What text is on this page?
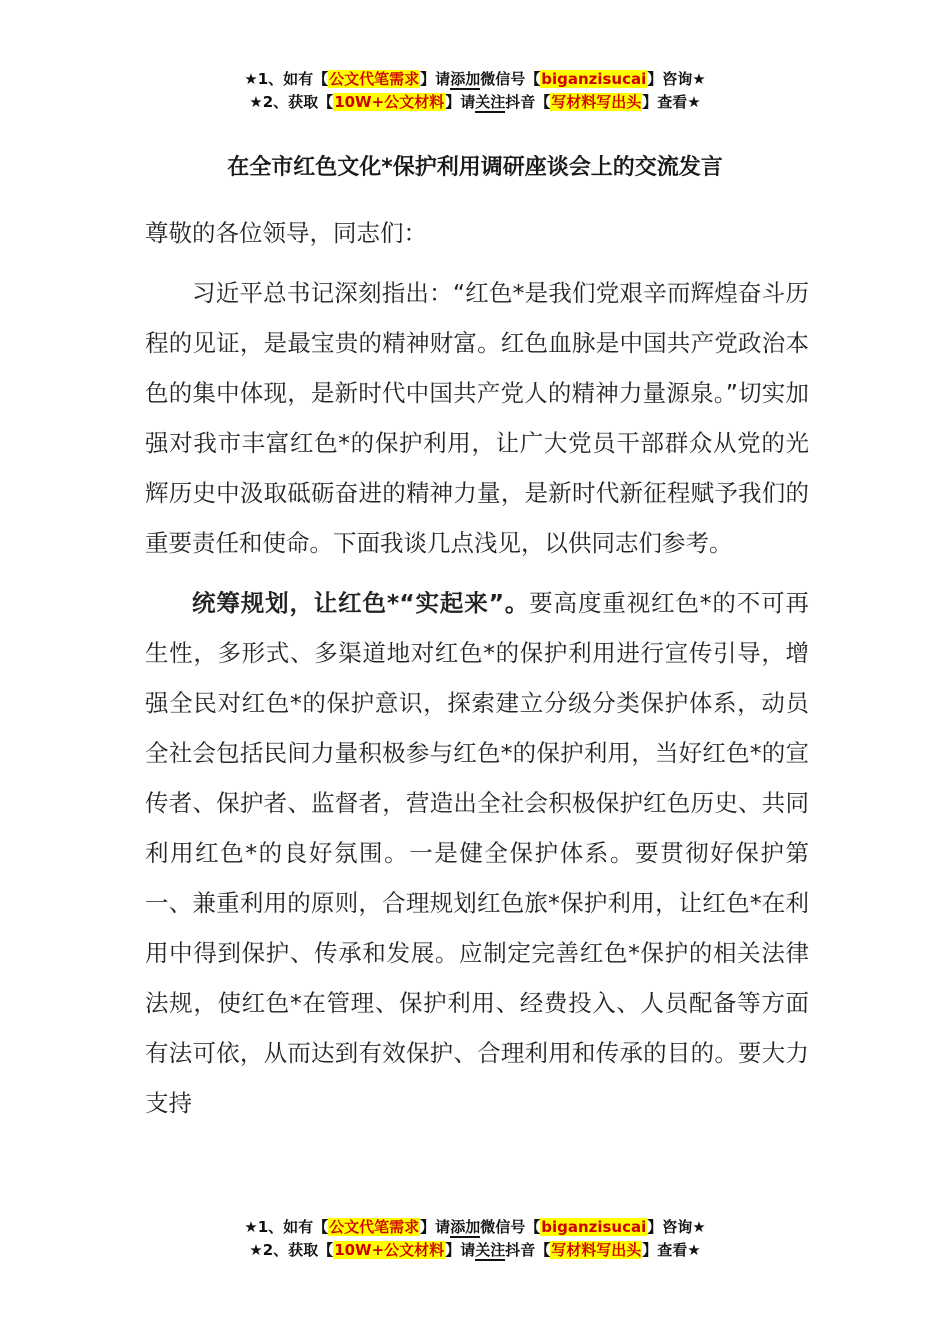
★1、如有【公文代笔需求】请添加微信号【biganzisucai】咨询★
★2、获取【10W+公文材料】请关注抖音【写材料写出头】查看★
在全市红色文化*保护利用调研座谈会上的交流发言

尊敬的各位领导，同志们：

习近平总书记深刻指出：“红色*是我们党艰辛而辉煌奋斗历程的见证，是最宝贵的精神财富。红色血脉是中国共产党政治本色的集中体现，是新时代中国共产党人的精神力量源泉。”切实加强对我市丰富红色*的保护利用，让广大党员干部群众从党的光辉历史中汲取砥砺奋进的精神力量，是新时代新征程赋予我们的重要责任和使命。下面我谈几点浅见，以供同志们参考。

统筹规划，让红色*“实起来”。要高度重视红色*的不可再生性，多形式、多渠道地对红色*的保护利用进行宣传引导，增强全民对红色*的保护意识，探索建立分级分类保护体系，动员全社会包括民间力量积极参与红色*的保护利用，当好红色*的宣传者、保护者、监督者，营造出全社会积极保护红色历史、共同利用红色*的良好氛围。一是健全保护体系。要贯彻好保护第一、兼重利用的原则，合理规划红色旅*保护利用，让红色*在利用中得到保护、传承和发展。应制定完善红色*保护的相关法律法规，使红色*在管理、保护利用、经费投入、人员配备等方面有法可依，从而达到有效保护、合理利用和传承的目的。要大力支持

★1、如有【公文代笔需求】请添加微信号【biganzisucai】咨询★
★2、获取【10W+公文材料】请关注抖音【写材料写出头】查看★
